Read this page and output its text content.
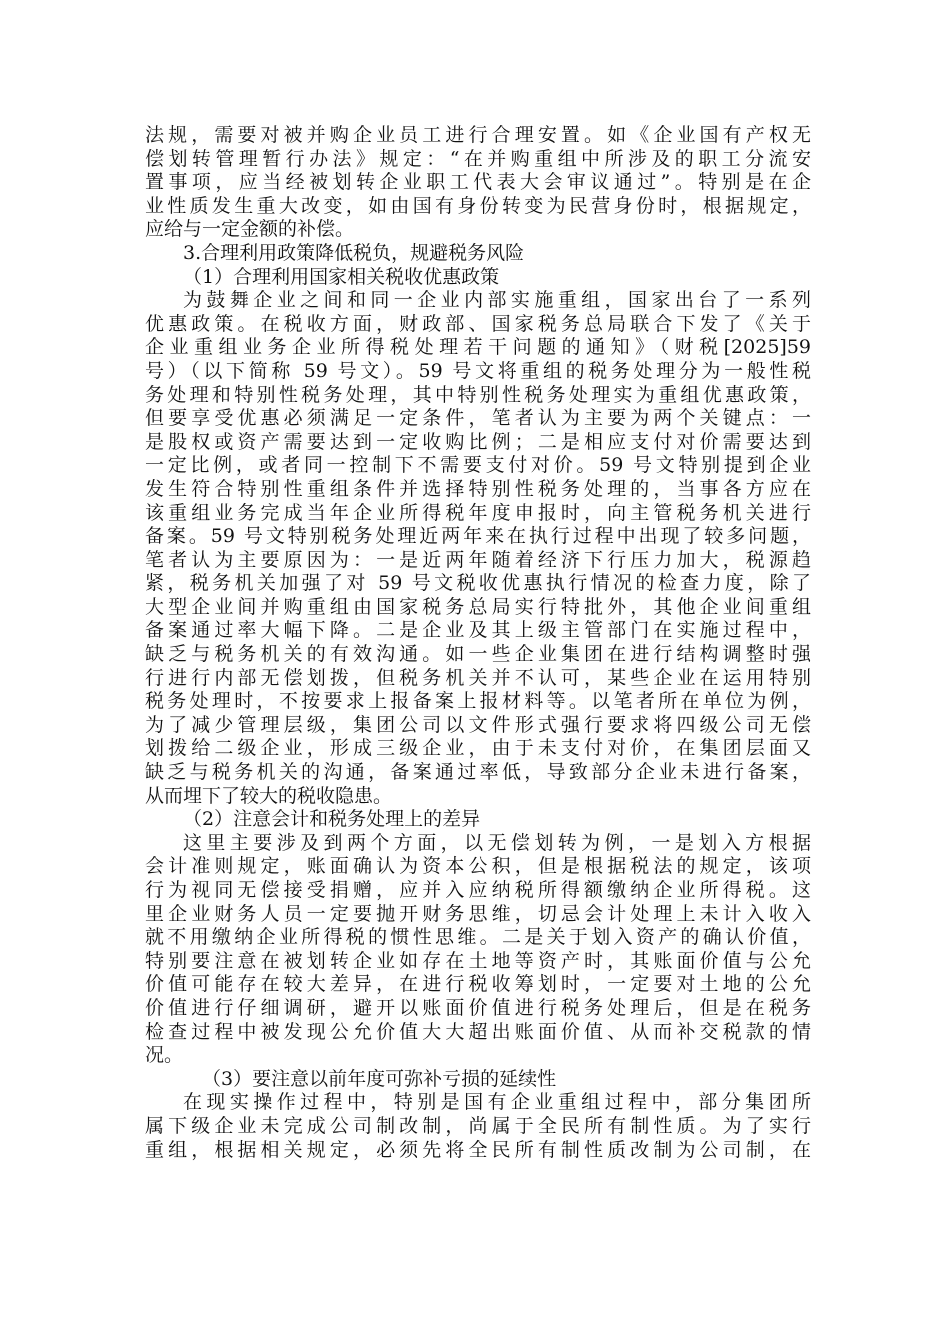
法规，需要对被并购企业员工进行合理安置。如《企业国有产权无
偿划转管理暂行办法》规定：“在并购重组中所涉及的职工分流安
置事项，应当经被划转企业职工代表大会审议通过”。特别是在企
业性质发生重大改变，如由国有身份转变为民营身份时，根据规定，
应给与一定金额的补偿。
3.合理利用政策降低税负，规避税务风险
（1）合理利用国家相关税收优惠政策
为鼓舞企业之间和同一企业内部实施重组，国家出台了一系列
优惠政策。在税收方面，财政部、国家税务总局联合下发了《关于
企业重组业务企业所得税处理若干问题的通知》（财税[2025]59
号）（以下简称 59 号文）。59 号文将重组的税务处理分为一般性税
务处理和特别性税务处理，其中特别性税务处理实为重组优惠政策，
但要享受优惠必须满足一定条件，笔者认为主要为两个关键点：一
是股权或资产需要达到一定收购比例；二是相应支付对价需要达到
一定比例，或者同一控制下不需要支付对价。59 号文特别提到企业
发生符合特别性重组条件并选择特别性税务处理的，当事各方应在
该重组业务完成当年企业所得税年度申报时，向主管税务机关进行
备案。59 号文特别税务处理近两年来在执行过程中出现了较多问题，
笔者认为主要原因为：一是近两年随着经济下行压力加大，税源趋
紧，税务机关加强了对 59 号文税收优惠执行情况的检查力度，除了
大型企业间并购重组由国家税务总局实行特批外，其他企业间重组
备案通过率大幅下降。二是企业及其上级主管部门在实施过程中，
缺乏与税务机关的有效沟通。如一些企业集团在进行结构调整时强
行进行内部无偿划拨，但税务机关并不认可，某些企业在运用特别
税务处理时，不按要求上报备案上报材料等。以笔者所在单位为例，
为了减少管理层级，集团公司以文件形式强行要求将四级公司无偿
划拨给二级企业，形成三级企业，由于未支付对价，在集团层面又
缺乏与税务机关的沟通，备案通过率低，导致部分企业未进行备案，
从而埋下了较大的税收隐患。
（2）注意会计和税务处理上的差异
这里主要涉及到两个方面，以无偿划转为例，一是划入方根据
会计准则规定，账面确认为资本公积，但是根据税法的规定，该项
行为视同无偿接受捐赠，应并入应纳税所得额缴纳企业所得税。这
里企业财务人员一定要抛开财务思维，切忌会计处理上未计入收入
就不用缴纳企业所得税的惯性思维。二是关于划入资产的确认价值，
特别要注意在被划转企业如存在土地等资产时，其账面价值与公允
价值可能存在较大差异，在进行税收筹划时，一定要对土地的公允
价值进行仔细调研，避开以账面价值进行税务处理后，但是在税务
检查过程中被发现公允价值大大超出账面价值、从而补交税款的情
况。
（3）要注意以前年度可弥补亏损的延续性
在现实操作过程中，特别是国有企业重组过程中，部分集团所
属下级企业未完成公司制改制，尚属于全民所有制性质。为了实行
重组，根据相关规定，必须先将全民所有制性质改制为公司制，在
